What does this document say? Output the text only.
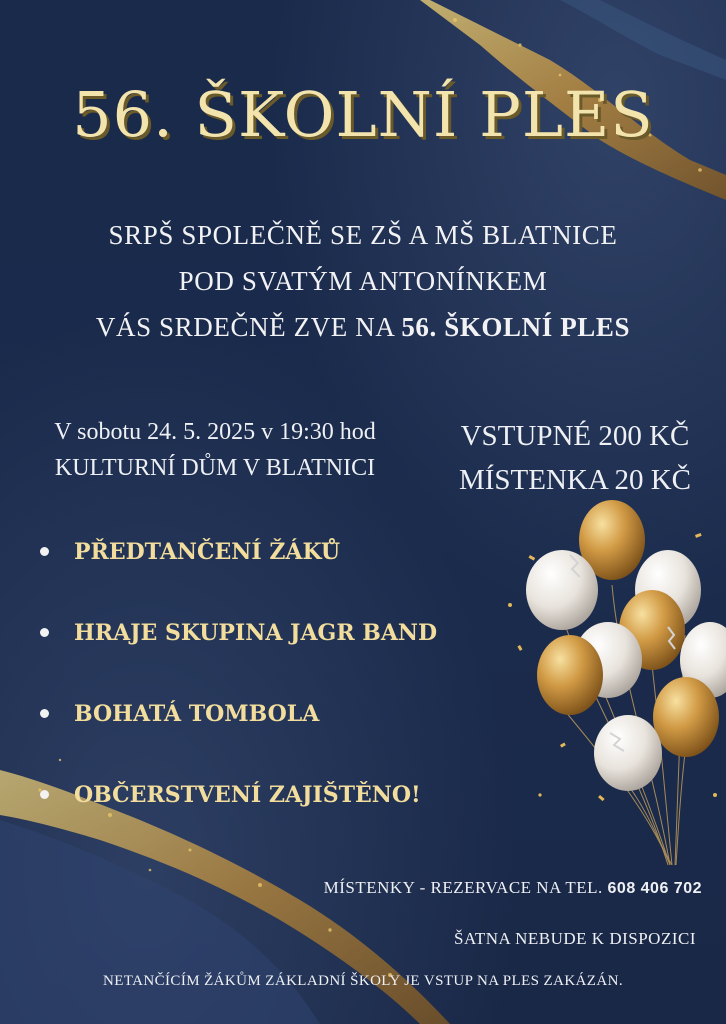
56. ŠKOLNÍ PLES
SRPŠ SPOLEČNĚ SE ZŠ A MŠ BLATNICE
POD SVATÝM ANTONÍNKEM
VÁS SRDEČNĚ ZVE NA 56. ŠKOLNÍ PLES
V sobotu 24. 5. 2025 v 19:30 hod
KULTURNÍ DŮM V BLATNICI
VSTUPNÉ 200 KČ
MÍSTENKA 20 KČ
PŘEDTANČENÍ ŽÁKŮ
HRAJE SKUPINA JAGR BAND
BOHATÁ TOMBOLA
OBČERSTVENÍ ZAJIŠTĚNO!
MÍSTENKY - REZERVACE NA TEL. 608 406 702
ŠATNA NEBUDE K DISPOZICI
NETANČÍCÍM ŽÁKŮM ZÁKLADNÍ ŠKOLY JE VSTUP NA PLES ZAKÁZÁN.
